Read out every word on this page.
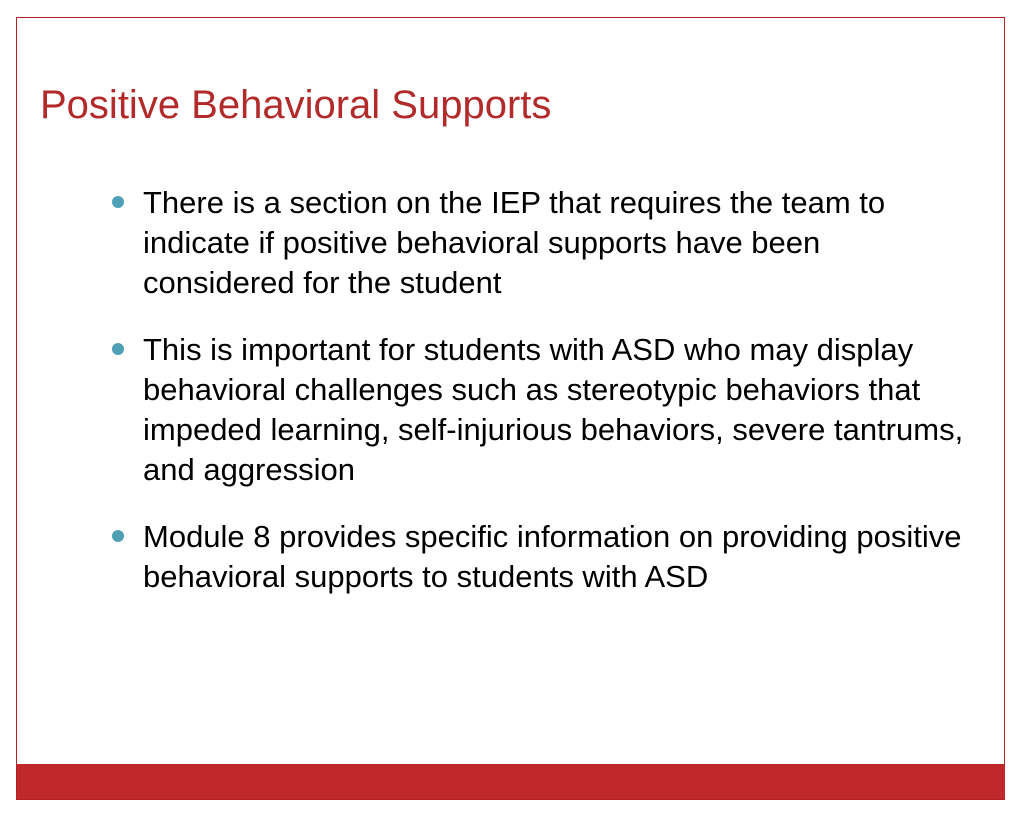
Positive Behavioral Supports
There is a section on the IEP that requires the team to indicate if positive behavioral supports have been considered for the student
This is important for students with ASD who may display behavioral challenges such as stereotypic behaviors that impeded learning, self-injurious behaviors, severe tantrums, and aggression
Module 8 provides specific information on providing positive behavioral supports to students with ASD
